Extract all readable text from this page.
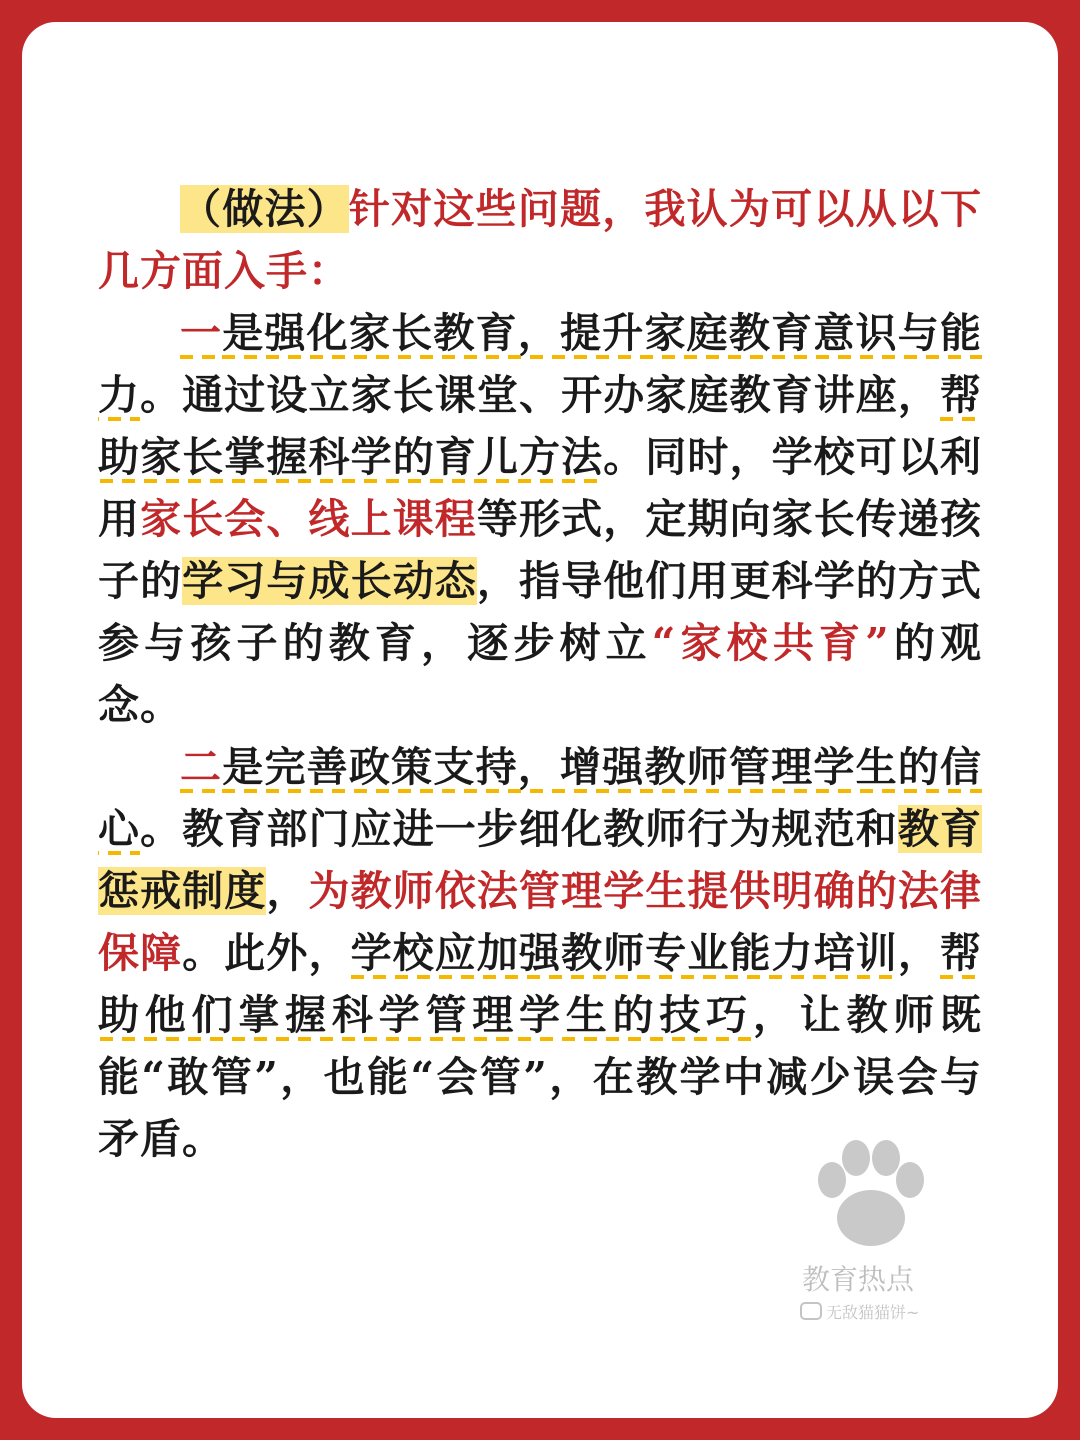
（做法）针对这些问题，我认为可以从以下几方面入手：

一是强化家长教育，提升家庭教育意识与能力。通过设立家长课堂、开办家庭教育讲座，帮助家长掌握科学的育儿方法。同时，学校可以利用家长会、线上课程等形式，定期向家长传递孩子的学习与成长动态，指导他们用更科学的方式参与孩子的教育，逐步树立“家校共育”的观念。

二是完善政策支持，增强教师管理学生的信心。教育部门应进一步细化教师行为规范和教育惩戒制度，为教师依法管理学生提供明确的法律保障。此外，学校应加强教师专业能力培训，帮助他们掌握科学管理学生的技巧，让教师既能“敢管”，也能“会管”，在教学中减少误会与矛盾。

教育热点
无敌猫猫饼~
